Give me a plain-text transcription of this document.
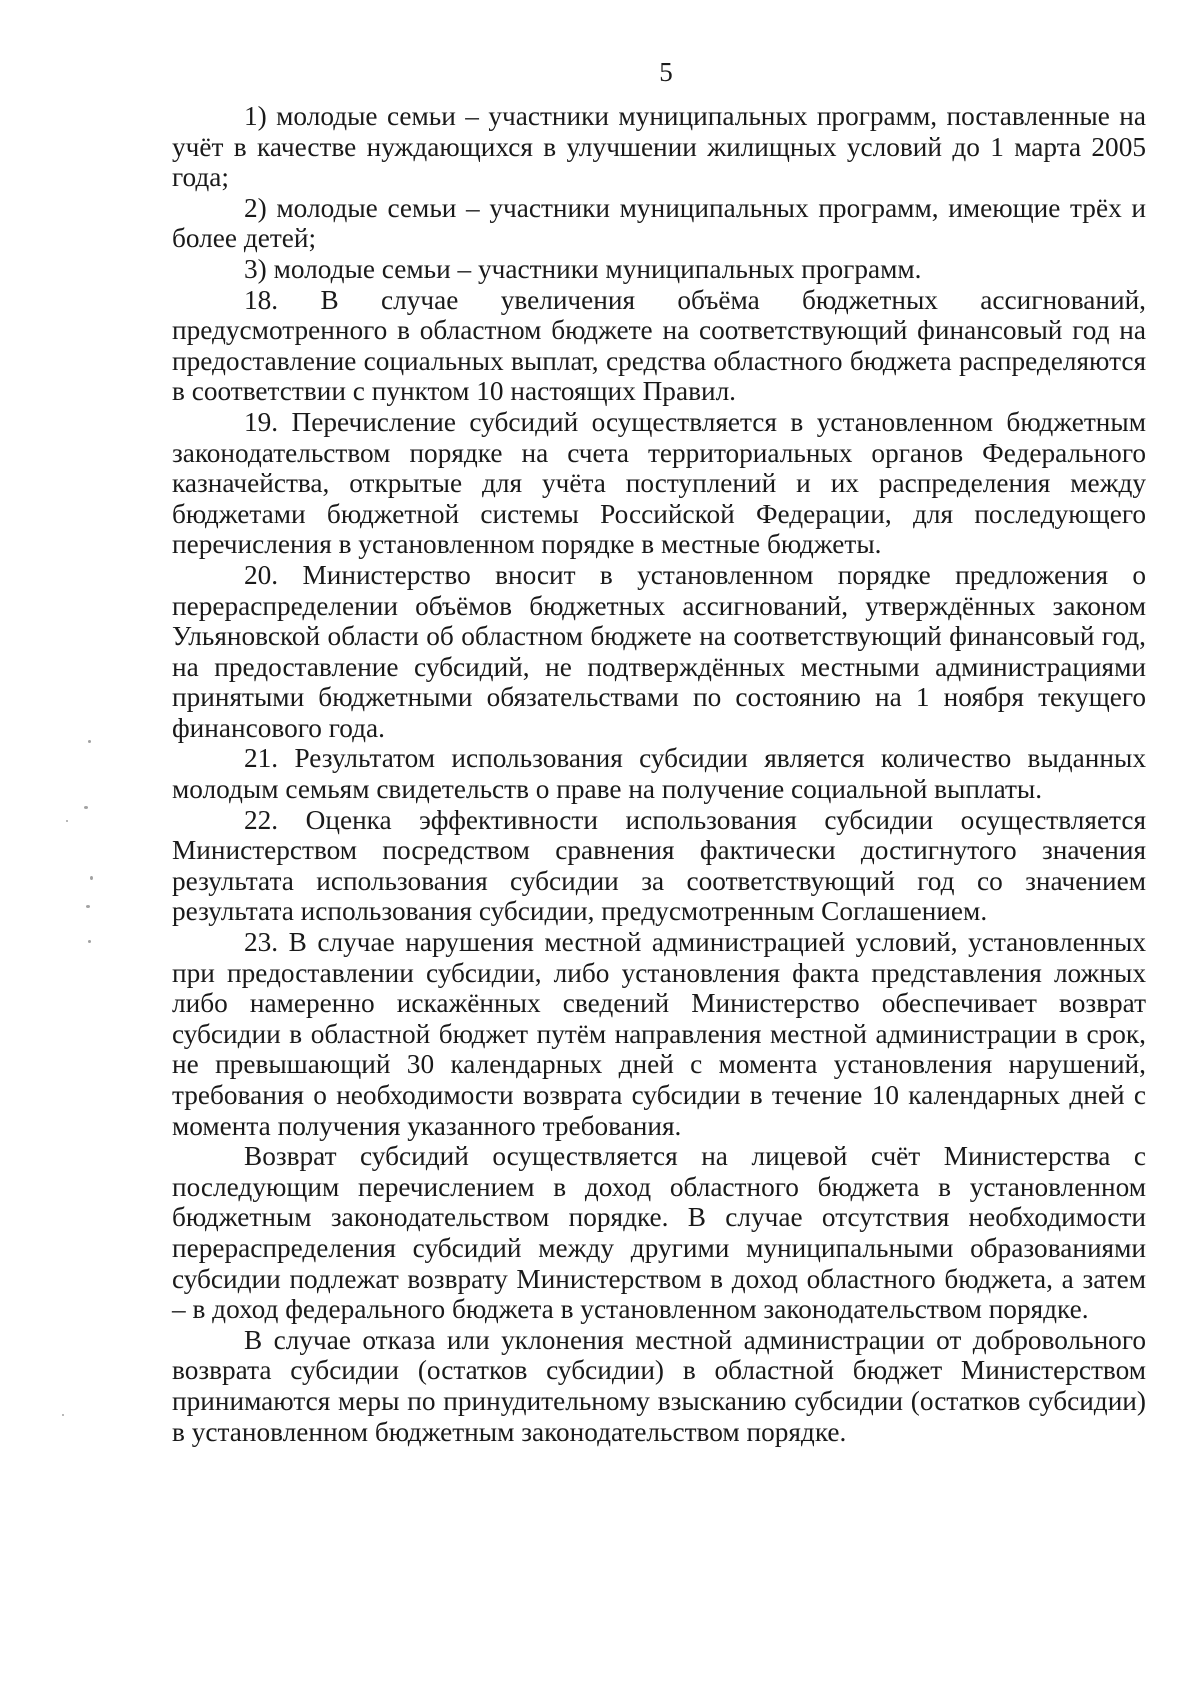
5

1) молодые семьи – участники муниципальных программ, поставленные на учёт в качестве нуждающихся в улучшении жилищных условий до 1 марта 2005 года;

2) молодые семьи – участники муниципальных программ, имеющие трёх и более детей;

3) молодые семьи – участники муниципальных программ.

18. В случае увеличения объёма бюджетных ассигнований, предусмотренного в областном бюджете на соответствующий финансовый год на предоставление социальных выплат, средства областного бюджета распределяются в соответствии с пунктом 10 настоящих Правил.

19. Перечисление субсидий осуществляется в установленном бюджетным законодательством порядке на счета территориальных органов Федерального казначейства, открытые для учёта поступлений и их распределения между бюджетами бюджетной системы Российской Федерации, для последующего перечисления в установленном порядке в местные бюджеты.

20. Министерство вносит в установленном порядке предложения о перераспределении объёмов бюджетных ассигнований, утверждённых законом Ульяновской области об областном бюджете на соответствующий финансовый год, на предоставление субсидий, не подтверждённых местными администрациями принятыми бюджетными обязательствами по состоянию на 1 ноября текущего финансового года.

21. Результатом использования субсидии является количество выданных молодым семьям свидетельств о праве на получение социальной выплаты.

22. Оценка эффективности использования субсидии осуществляется Министерством посредством сравнения фактически достигнутого значения результата использования субсидии за соответствующий год со значением результата использования субсидии, предусмотренным Соглашением.

23. В случае нарушения местной администрацией условий, установленных при предоставлении субсидии, либо установления факта представления ложных либо намеренно искажённых сведений Министерство обеспечивает возврат субсидии в областной бюджет путём направления местной администрации в срок, не превышающий 30 календарных дней с момента установления нарушений, требования о необходимости возврата субсидии в течение 10 календарных дней с момента получения указанного требования.

Возврат субсидий осуществляется на лицевой счёт Министерства с последующим перечислением в доход областного бюджета в установленном бюджетным законодательством порядке. В случае отсутствия необходимости перераспределения субсидий между другими муниципальными образованиями субсидии подлежат возврату Министерством в доход областного бюджета, а затем – в доход федерального бюджета в установленном законодательством порядке.

В случае отказа или уклонения местной администрации от добровольного возврата субсидии (остатков субсидии) в областной бюджет Министерством принимаются меры по принудительному взысканию субсидии (остатков субсидии) в установленном бюджетным законодательством порядке.
